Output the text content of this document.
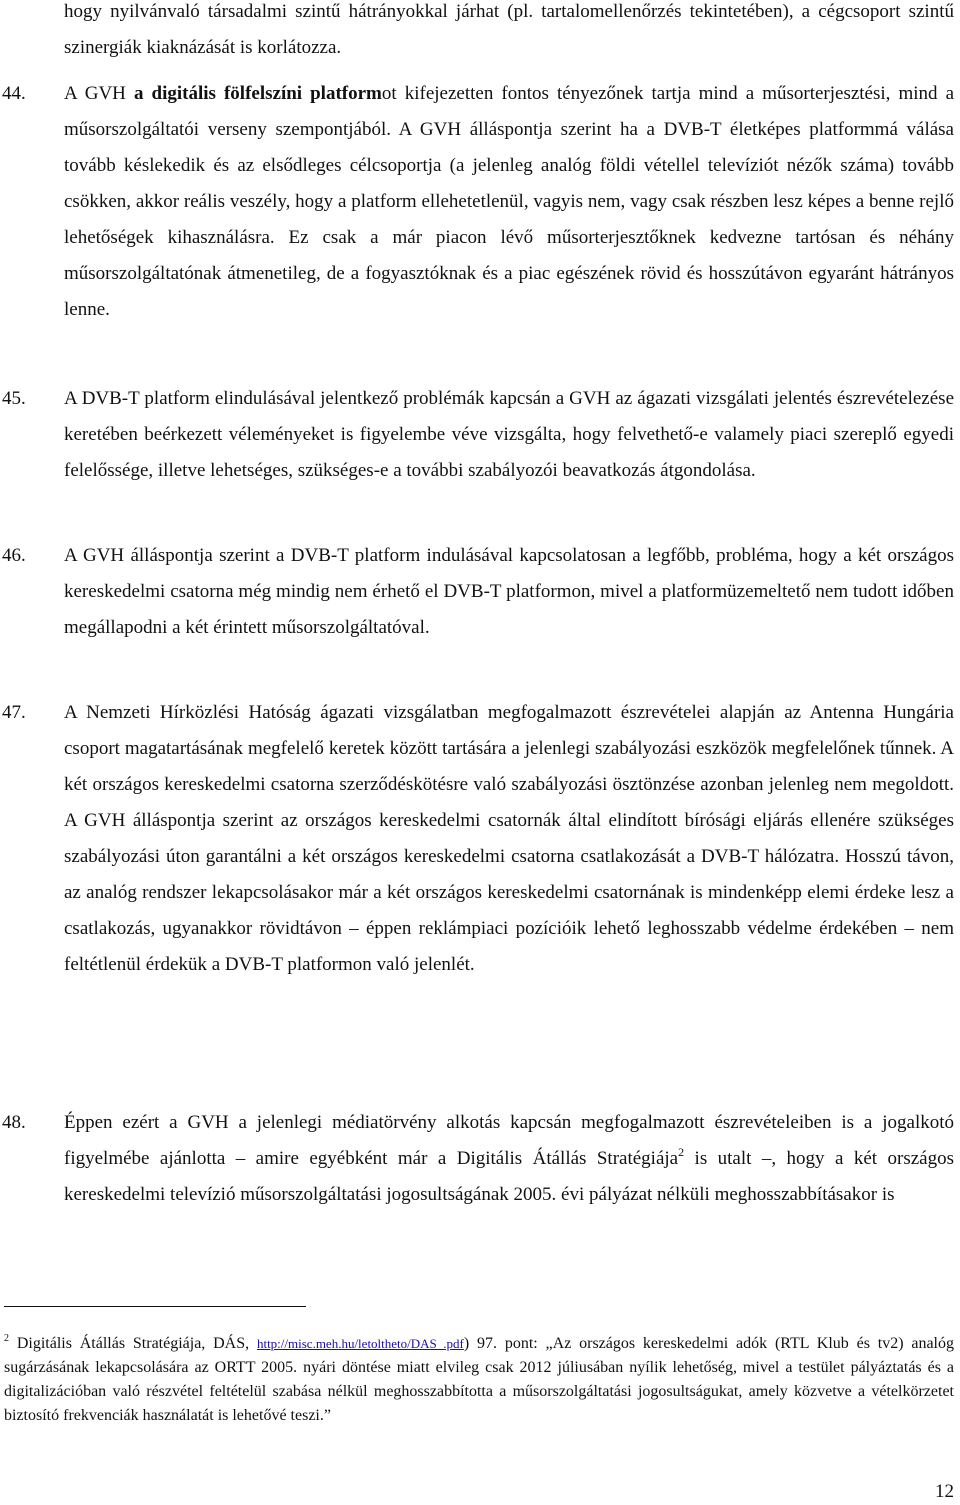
hogy nyilvánvaló társadalmi szintű hátrányokkal járhat (pl. tartalomellenőrzés tekintetében), a cégcsoport szintű szinergiák kiaknázását is korlátozza.

44.	A GVH a digitális fölfelszíni platformot kifejezetten fontos tényezőnek tartja mind a műsorterjesztési, mind a műsorszolgáltatói verseny szempontjából. A GVH álláspontja szerint ha a DVB-T életképes platformmá válása tovább késlekedik és az elsődleges célcsoportja (a jelenleg analóg földi vétellel televíziót nézők száma) tovább csökken, akkor reális veszély, hogy a platform ellehetetlenül, vagyis nem, vagy csak részben lesz képes a benne rejlő lehetőségek kihasználásra. Ez csak a már piacon lévő műsorterjesztőknek kedvezne tartósan és néhány műsorszolgáltatónak átmenetileg, de a fogyasztóknak és a piac egészének rövid és hosszútávon egyaránt hátrányos lenne.

45.	A DVB-T platform elindulásával jelentkező problémák kapcsán a GVH az ágazati vizsgálati jelentés észrevételezése keretében beérkezett véleményeket is figyelembe véve vizsgálta, hogy felvethető-e valamely piaci szereplő egyedi felelőssége, illetve lehetséges, szükséges-e a további szabályozói beavatkozás átgondolása.

46.	A GVH álláspontja szerint a DVB-T platform indulásával kapcsolatosan a legfőbb, probléma, hogy a két országos kereskedelmi csatorna még mindig nem érhető el DVB-T platformon, mivel a platformüzemeltető nem tudott időben megállapodni a két érintett műsorszolgáltatóval.

47.	A Nemzeti Hírközlési Hatóság ágazati vizsgálatban megfogalmazott észrevételei alapján az Antenna Hungária csoport magatartásának megfelelő keretek között tartására a jelenlegi szabályozási eszközök megfelelőnek tűnnek. A két országos kereskedelmi csatorna szerződéskötésre való szabályozási ösztönzése azonban jelenleg nem megoldott. A GVH álláspontja szerint az országos kereskedelmi csatornák által elindított bírósági eljárás ellenére szükséges szabályozási úton garantálni a két országos kereskedelmi csatorna csatlakozását a DVB-T hálózatra. Hosszú távon, az analóg rendszer lekapcsolásakor már a két országos kereskedelmi csatornának is mindenképp elemi érdeke lesz a csatlakozás, ugyanakkor rövidtávon – éppen reklámpiaci pozícióik lehető leghosszabb védelme érdekében – nem feltétlenül érdekük a DVB-T platformon való jelenlét.

48.	Éppen ezért a GVH a jelenlegi médiatörvény alkotás kapcsán megfogalmazott észrevételeiben is a jogalkotó figyelmébe ajánlotta – amire egyébként már a Digitális Átállás Stratégiája$^2$ is utalt –, hogy a két országos kereskedelmi televízió műsorszolgáltatási jogosultságának 2005. évi pályázat nélküli meghosszabbításakor is

$^2$ Digitális Átállás Stratégiája, DÁS, http://misc.meh.hu/letoltheto/DAS_.pdf) 97. pont: „Az országos kereskedelmi adók (RTL Klub és tv2) analóg sugárzásának lekapcsolására az ORTT 2005. nyári döntése miatt elvileg csak 2012 júliusában nyílik lehetőség, mivel a testület pályáztatás és a digitalizációban való részvétel feltételül szabása nélkül meghosszabbította a műsorszolgáltatási jogosultságukat, amely közvetve a vételkörzetet biztosító frekvenciák használatát is lehetővé teszi.”

12
